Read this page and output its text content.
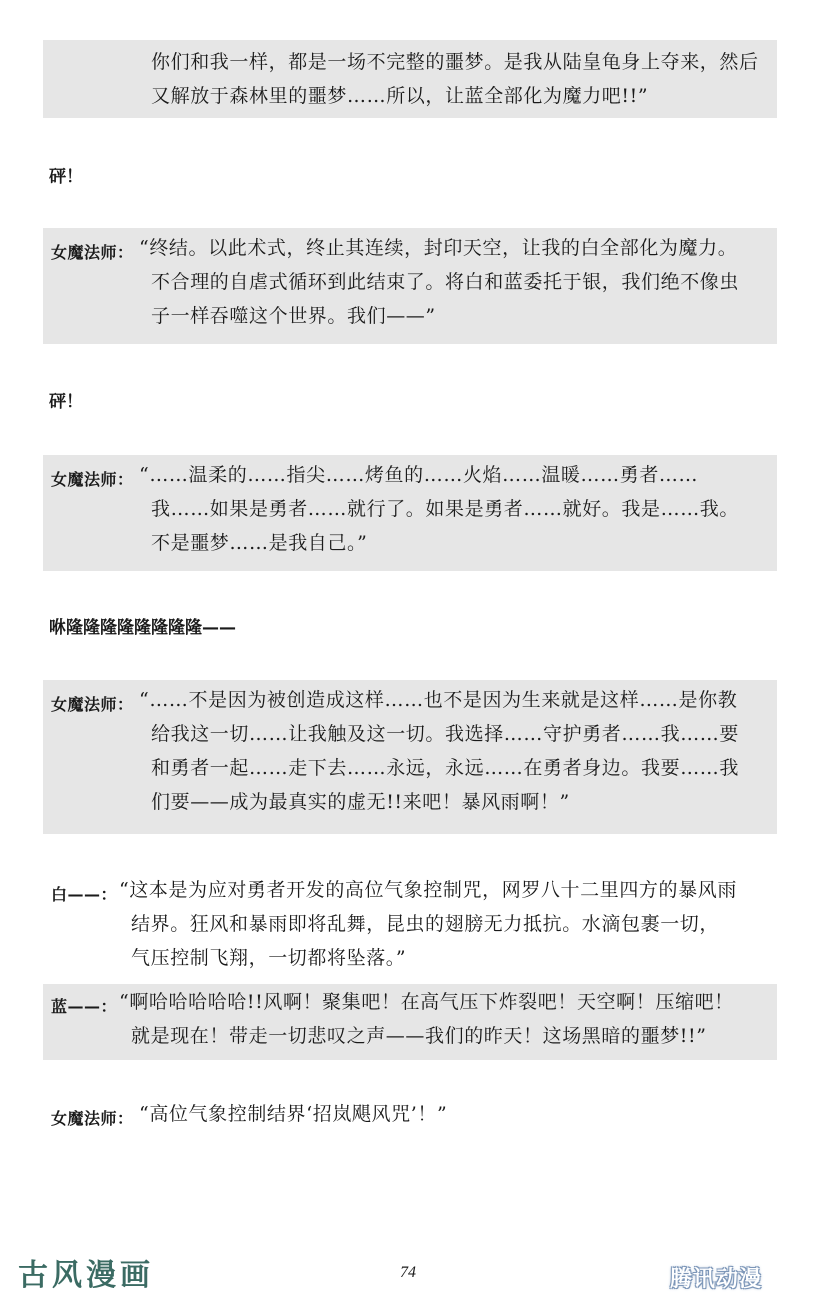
你们和我一样，都是一场不完整的噩梦。是我从陆皇龟身上夺来，然后
又解放于森林里的噩梦……所以，让蓝全部化为魔力吧!!”
砰！
女魔法师： “终结。以此术式，终止其连续，封印天空，让我的白全部化为魔力。
不合理的自虐式循环到此结束了。将白和蓝委托于银，我们绝不像虫
子一样吞噬这个世界。我们——”
砰！
女魔法师： “……温柔的……指尖……烤鱼的……火焰……温暖……勇者……
我……如果是勇者……就行了。如果是勇者……就好。我是……我。
不是噩梦……是我自己。”
咻隆隆隆隆隆隆隆隆——
女魔法师： “……不是因为被创造成这样……也不是因为生来就是这样……是你教
给我这一切……让我触及这一切。我选择……守护勇者……我……要
和勇者一起……走下去……永远，永远……在勇者身边。我要……我
们要——成为最真实的虚无!!来吧！暴风雨啊！”
白——： “这本是为应对勇者开发的高位气象控制咒，网罗八十二里四方的暴风雨
结界。狂风和暴雨即将乱舞，昆虫的翅膀无力抵抗。水滴包裹一切，
气压控制飞翔，一切都将坠落。”
蓝——： “啊哈哈哈哈哈!!风啊！聚集吧！在高气压下炸裂吧！天空啊！压缩吧！
就是现在！带走一切悲叹之声——我们的昨天！这场黑暗的噩梦!!”
女魔法师： “高位气象控制结界‘招岚飓风咒’！”
古风漫画	74	腾讯动漫
